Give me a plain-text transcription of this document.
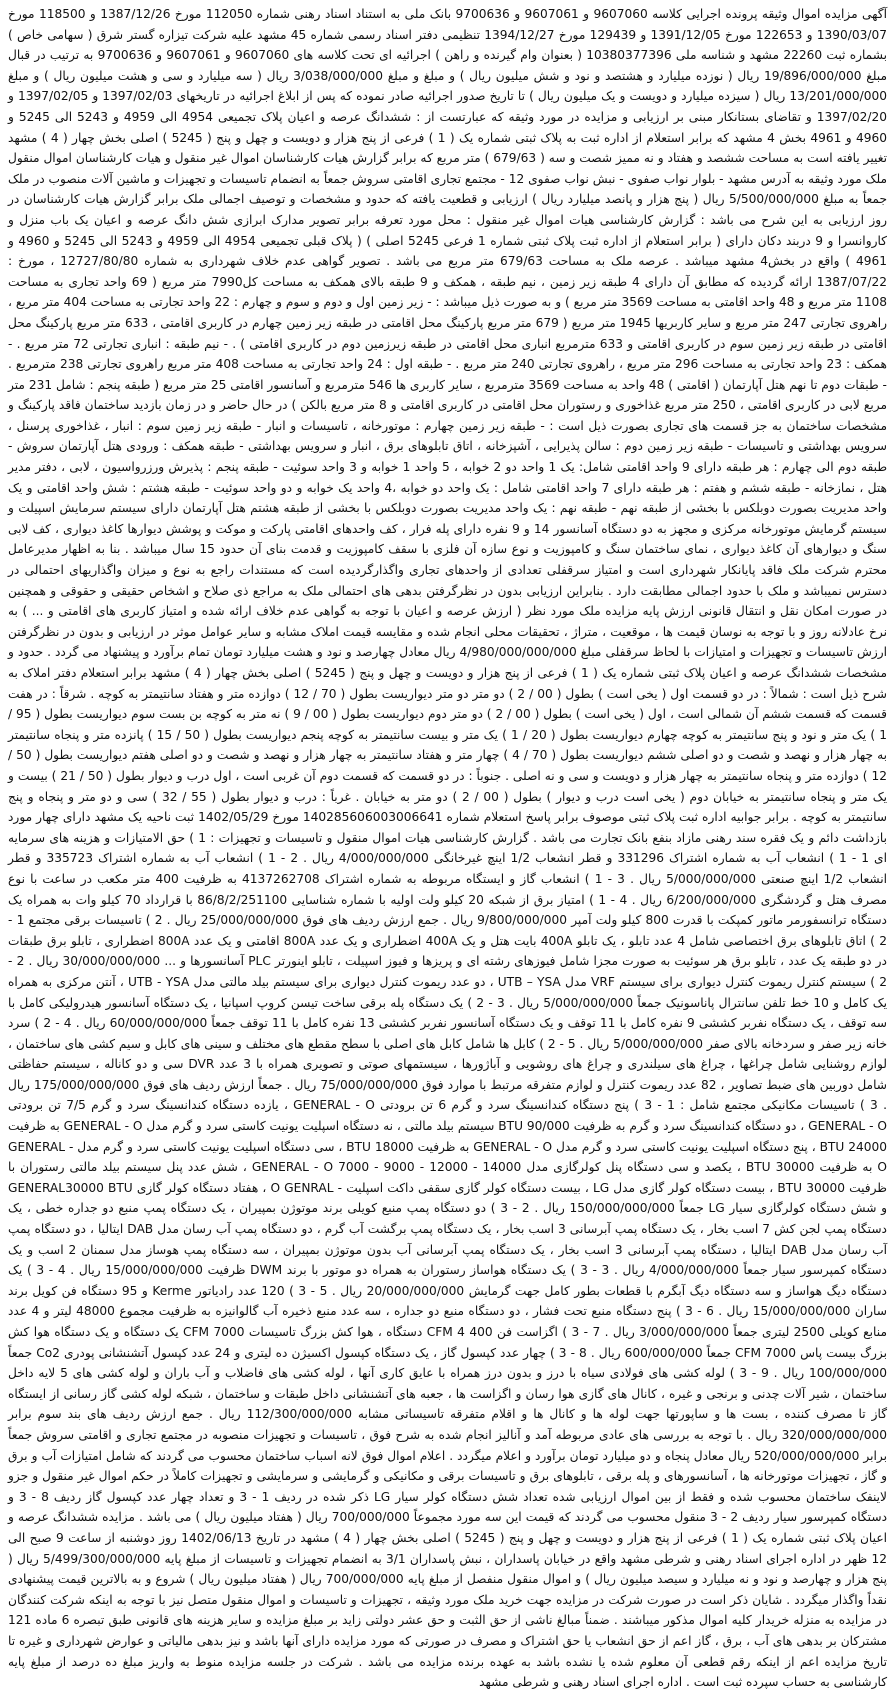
آگهی مزایده اموال وثیقه پرونده اجرایی کلاسه 9607060 و 9607061 و 9700636 بانک ملی به استناد اسناد رهنی شماره 112050 مورخ 1387/12/26 و 118500 مورخ 1390/03/07 و 122653 مورخ 1391/12/05 و 129439 مورخ 1394/12/27 تنظیمی دفتر اسناد رسمی شماره 45 مشهد علیه شرکت تیزاره گستر شرق ( سهامی خاص ) بشماره ثبت 22260 مشهد و شناسه ملی 10380377396 ( بعنوان وام گیرنده و راهن ) اجرائیه ای تحت کلاسه های 9607060 و 9607061 و 9700636 به ترتیب در قبال مبلغ 19/896/000/000 ریال ( نوزده میلیارد و هشتصد و نود و شش میلیون ریال ) و مبلغ و مبلغ 3/038/000/000 ریال ( سه میلیارد و سی و هشت میلیون ریال ) و مبلغ 13/201/000/000 ریال ( سیزده میلیارد و دویست و یک میلیون ریال ) تا تاریخ صدور اجرائیه صادر نموده که پس از ابلاغ اجرائیه در تاریخهای 1397/02/03 و 1397/02/05 و 1397/02/20 و تقاضای بستانکار مبنی بر ارزیابی و مزایده در مورد وثیقه که عبارتست از : ششدانگ عرصه و اعیان پلاک تجمیعی 4954 الی 4959 و 5243 الی 5245 و 4960 و 4961 بخش 4 مشهد که برابر استعلام از اداره ثبت به پلاک ثبتی شماره یک ( 1 ) فرعی از پنج هزار و دویست و چهل و پنج ( 5245 ) اصلی بخش چهار ( 4 ) مشهد تغییر یافته است به مساحت ششصد و هفتاد و نه ممیز شصت و سه ( 679/63 ) متر مربع که برابر گزارش هیات کارشناسان اموال غیر منقول و هیات کارشناسان اموال منقول ملک مورد وثیقه به آدرس مشهد - بلوار نواب صفوی - نبش نواب صفوی 12 - مجتمع تجاری اقامتی سروش جمعاً به انضمام تاسیسات و تجهیزات و ماشین آلات منصوب در ملک جمعاً به مبلغ 5/500/000/000 ریال ( پنج هزار و پانصد میلیارد ریال ) ارزیابی و قطعیت یافته که حدود و مشخصات و توصیف اجمالی ملک برابر گزارش هیات کارشناسان در روز ارزیابی به این شرح می باشد : گزارش کارشناسی هیات اموال غیر منقول : محل مورد تعرفه برابر تصویر مدارک ابرازی شش دانگ عرصه و اعیان یک باب منزل و کاروانسرا و 9 دربند دکان دارای ( برابر استعلام از اداره ثبت پلاک ثبتی شماره 1 فرعی 5245 اصلی ) ( پلاک قبلی تجمیعی 4954 الی 4959 و 5243 الی 5245 و 4960 و 4961 ) واقع در بخش4 مشهد میباشد . عرصه ملک به مساحت 679/63 متر مربع می باشد . تصویر گواهی عدم خلاف شهرداری به شماره 12727/80/80 ، مورخ : 1387/07/22 ارائه گردیده که مطابق آن دارای 4 طبقه زیر زمین ، نیم طبقه ، همکف و 9 طبقه بالای همکف به مساحت کل7990 متر مربع ( 69 واحد تجاری به مساحت 1108 متر مربع و 48 واحد اقامتی به مساحت 3569 متر مربع ) و به صورت ذیل میباشد : - زیر زمین اول و دوم و سوم و چهارم : 22 واحد تجارتی به مساحت 404 متر مربع ، راهروی تجارتی 247 متر مربع و سایر کاربریها 1945 متر مربع ( 679 متر مربع پارکینگ محل اقامتی در طبقه زیر زمین چهارم در کاربری اقامتی ، 633 متر مربع پارکینگ محل اقامتی در طبقه زیر زمین سوم در کاربری اقامتی و 633 مترمربع انباری محل اقامتی در طبقه زیرزمین دوم در کاربری اقامتی ) . - نیم طبقه : انباری تجارتی 72 متر مربع . - همکف : 23 واحد تجارتی به مساحت 296 متر مربع ، راهروی تجارتی 240 متر مربع . - طبقه اول : 24 واحد تجارتی به مساحت 408 متر مربع راهروی تجارتی 238 مترمربع . - طبقات دوم تا نهم هتل آپارتمان ( اقامتی ) 48 واحد به مساحت 3569 مترمربع ، سایر کاربری ها 546 مترمربع و آسانسور اقامتی 25 متر مربع ( طبقه پنجم : شامل 231 متر مربع لابی در کاربری اقامتی ، 250 متر مربع غذاخوری و رستوران محل اقامتی در کاربری اقامتی و 8 متر مربع بالکن ) در حال حاضر و در زمان بازدید ساختمان فاقد پارکینگ و مشخصات ساختمان به جز قسمت های تجاری بصورت ذیل است : - طبقه زیر زمین چهارم : موتورخانه ، تاسیسات و انبار - طبقه زیر زمین سوم : انبار ، غذاخوری پرسنل ، سرویس بهداشتی و تاسیسات - طبقه زیر زمین دوم : سالن پذیرایی ، آشپزخانه ، اتاق تابلوهای برق ، انبار و سرویس بهداشتی - طبقه همکف : ورودی هتل آپارتمان سروش - طبقه دوم الی چهارم : هر طبقه دارای 9 واحد اقامتی شامل: یک 1 واحد دو 2 خوابه ، 5 واحد 1 خوابه و 3 واحد سوئیت - طبقه پنجم : پذیرش ورزرواسیون ، لابی ، دفتر مدیر هتل ، نمازخانه - طبقه ششم و هفتم : هر طبقه دارای 7 واحد اقامتی شامل : یک واحد دو خوابه ،4 واحد یک خوابه و دو واحد سوئیت - طبقه هشتم : شش واحد اقامتی و یک واحد مدیریت بصورت دوبلکس با بخشی از طبقه نهم - طبقه نهم : یک واحد مدیریت بصورت دوبلکس با بخشی از طبقه هشتم هتل آپارتمان دارای سیستم سرمایش اسپیلت و سیستم گرمایش موتورخانه مرکزی و مجهز به دو دستگاه آسانسور 14 و 9 نفره دارای پله فرار ، کف واحدهای اقامتی پارکت و موکت و پوشش دیوارها کاغذ دیواری ، کف لابی سنگ و دیوارهای آن کاغذ دیواری ، نمای ساختمان سنگ و کامپوزیت و نوع سازه آن فلزی با سقف کامپوزیت و قدمت بنای آن حدود 15 سال میباشد . بنا به اظهار مدیرعامل محترم شرکت ملک فاقد پایانکار شهرداری است و امتیاز سرقفلی تعدادی از واحدهای تجاری واگذارگردیده است که مستندات راجع به نوع و میزان واگذاریهای احتمالی در دسترس نمیباشد و ملک با حدود اجمالی مطابقت دارد . بنابراین ارزیابی بدون در نظرگرفتن بدهی های احتمالی ملک به مراجع ذی صلاح و اشخاص حقیقی و حقوقی و همچنین در صورت امکان نقل و انتقال قانونی ارزش پایه مزایده ملک مورد نظر ( ارزش عرصه و اعیان با توجه به گواهی عدم خلاف ارائه شده و امتیاز کاربری های اقامتی و ... ) به نرخ عادلانه روز و با توجه به نوسان قیمت ها ، موقعیت ، متراژ ، تحقیقات محلی انجام شده و مقایسه قیمت املاک مشابه و سایر عوامل موثر در ارزیابی و بدون در نظرگرفتن ارزش تاسیسات و تجهیزات و امتیازات با لحاظ سرقفلی مبلغ 4/980/000/000/000 ریال معادل چهارصد و نود و هشت میلیارد تومان تمام برآورد و پیشنهاد می گردد . حدود و مشخصات ششدانگ عرصه و اعیان پلاک ثبتی شماره یک ( 1 ) فرعی از پنج هزار و دویست و چهل و پنج ( 5245 ) اصلی بخش چهار ( 4 ) مشهد برابر استعلام دفتر املاک به شرح ذیل است : شمالاً : در دو قسمت اول ( یخی است ) بطول ( 00 / 2 ) دو متر دو متر دیواریست بطول ( 70 / 12 ) دوازده متر و هفتاد سانتیمتر به کوچه . شرقاً : در هفت قسمت که قسمت ششم آن شمالی است ، اول ( یخی است ) بطول ( 00 / 2 ) دو متر دوم دیواریست بطول ( 00 / 9 ) نه متر به کوچه بن بست سوم دیواریست بطول ( 95 / 1 ) یک متر و نود و پنج سانتیمتر به کوچه چهارم دیواریست بطول ( 20 / 1 ) یک متر و بیست سانتیمتر به کوچه پنجم دیواریست بطول ( 50 / 15 ) پانزده متر و پنجاه سانتیمتر به چهار هزار و نهصد و شصت و دو اصلی ششم دیواریست بطول ( 70 / 4 ) چهار متر و هفتاد سانتیمتر به چهار هزار و نهصد و شصت و دو اصلی هفتم دیواریست بطول ( 50 / 12 ) دوازده متر و پنجاه سانتیمتر به چهار هزار و دویست و سی و نه اصلی . جنوباً : در دو قسمت که قسمت دوم آن غربی است ، اول درب و دیوار بطول ( 50 / 21 ) بیست و یک متر و پنجاه سانتیمتر به خیابان دوم ( یخی است درب و دیوار ) بطول ( 00 / 2 ) دو متر به خیابان . غرباً : درب و دیوار بطول ( 55 / 32 ) سی و دو متر و پنجاه و پنج سانتیمتر به کوچه . برابر جوابیه اداره ثبت پلاک ثبتی موصوف برابر پاسخ استعلام شماره 140285606003006641 مورخ 1402/05/29 ثبت ناحیه یک مشهد دارای چهار مورد بازداشت دائم و یک فقره سند رهنی مازاد بنفع بانک تجارت می باشد . گزارش کارشناسی هیات اموال منقول و تاسیسات و تجهیزات : 1 ) حق الامتیازات و هزینه های سرمایه ای 1 - 1 ) انشعاب آب به شماره اشتراک 331296 و قطر انشعاب 1/2 اینچ غیرخانگی 4/000/000/000 ریال . 2 - 1 ) انشعاب آب به شماره اشتراک 335723 و قطر انشعاب 1/2 اینچ صنعتی 5/000/000/000 ریال . 3 - 1 ) انشعاب گاز و ایستگاه مربوطه به شماره اشتراک 4137262708 به ظرفیت 400 متر مکعب در ساعت با نوع مصرف هتل و گردشگری 6/200/000/000 ریال . 4 - 1 ) امتیاز برق از شبکه 20 کیلو ولت اولیه با شماره شناسایی 86/8/2/251100 با قرارداد 70 کیلو وات به همراه یک دستگاه ترانسفورمر ماتور کمپکت با قدرت 800 کیلو ولت آمپر 9/800/000/000 ریال . جمع ارزش ردیف های فوق 25/000/000/000 ریال . 2 ) تاسیسات برقی مجتمع 1 - 2 ) اتاق تابلوهای برق اختصاصی شامل 4 عدد تابلو ، یک تابلو 400A بایت هتل و یک 400A اضطراری و یک عدد 800A اقامتی و یک عدد 800A اضطراری ، تابلو برق طبقات در دو طبقه یک عدد ، تابلو برق هر سوئیت به صورت مجزا شامل فیوزهای رشته ای و پریزها و فیوز اسپیلت ، تابلو اینورتر PLC آسانسورها و ... 30/000/000/000 ریال . 2 - 2 ) سیستم کنترل ریموت کنترل دیواری برای سیستم VRF مدل UTB – YSA ، دو عدد ریموت کنترل دیواری برای سیستم بیلد مالتی مدل UTB - YSA ، آنتن مرکزی به همراه یک کامل و 10 خط تلفن سانترال پاناسونیک جمعاً 5/000/000/000 ریال . 3 - 2 ) یک دستگاه پله برقی ساخت تیسن کروپ اسپانیا ، یک دستگاه آسانسور هیدرولیکی کامل با سه توقف ، یک دستگاه نفربر کششی 9 نفره کامل با 11 توقف و یک دستگاه آسانسور نفربر کششی 13 نفره کامل با 11 توقف جمعاً 60/000/000/000 ریال . 4 - 2 ) سرد خانه زیر صفر و سردخانه بالای صفر 5/000/000/000 ریال . 5 - 2 ) کابل ها شامل کابل های اصلی با سطح مقطع های مختلف و سینی های کابل و سیم کشی های ساختمان ، لوازم روشنایی شامل چراغها ، چراغ های سیلندری و چراغ های روشویی و آباژورها ، سیستمهای صوتی و تصویری همراه با 3 عدد DVR سی و دو کاناله ، سیستم حفاظتی شامل دوربین های ضبط تصاویر ، 82 عدد ریموت کنترل و لوازم متفرقه مرتبط با موارد فوق 75/000/000/000 ریال . جمعاً ارزش ردیف های فوق 175/000/000/000 ریال . 3 ) تاسیسات مکانیکی مجتمع شامل : 1 - 3 ) پنج دستگاه کندانسینگ سرد و گرم 6 تن برودتی GENERAL - O ، یازده دستگاه کندانسینگ سرد و گرم 7/5 تن برودتی GENERAL - O ، دو دستگاه کندانسینگ سرد و گرم به ظرفیت 90/000 BTU سیستم بیلد مالتی ، نه دستگاه اسپلیت یونیت کاستی سرد و گرم مدل GENERAL - O به ظرفیت 24000 BTU ، پنج دستگاه اسپلیت یونیت کاستی سرد و گرم مدل GENERAL - O به ظرفیت 18000 BTU ، سی دستگاه اسپلیت یونیت کاستی سرد و گرم مدل GENERAL - O به ظرفیت 30000 BTU ، یکصد و سی دستگاه پنل کولرگازی مدل 14000 - 12000 - 9000 - 7000 GENERAL - O ، شش عدد پنل سیستم بیلد مالتی رستوران با ظرفیت 30000 BTU ، بیست دستگاه کولر گازی مدل LG ، بیست دستگاه کولر گازی سقفی داکت اسپلیت - O GENRAL ، هفتاد دستگاه کولر گازی GENERAL30000 BTU و شش دستگاه کولرگازی سیار LG جمعاً 150/000/000/000 ریال . 2 - 3 ) دو دستگاه پمپ منبع کویلی برند موتوژن بمپیران ، یک دستگاه پمپ منبع دو جداره خطی ، یک دستگاه پمپ لجن کش 7 اسب بخار ، یک دستگاه پمپ آبرسانی 3 اسب بخار ، یک دستگاه پمپ برگشت آب گرم ، دو دستگاه پمپ آب رسان مدل DAB ایتالیا ، دو دستگاه پمپ آب رسان مدل DAB ایتالیا ، دستگاه پمپ آبرسانی 3 اسب بخار ، یک دستگاه پمپ آبرسانی آب بدون موتوژن بمپیران ، سه دستگاه پمپ هوساز مدل سمنان 2 اسب و یک دستگاه کمپرسور سیار جمعاً 4/000/000/000 ریال . 3 - 3 ) یک دستگاه هواساز رستوران به همراه دو موتور با برند DWM ظرفیت 15/000/000/000 ریال . 4 - 3 ) یک دستگاه دیگ هواساز و سه دستگاه دیگ آبگرم با قطعات بطور کامل جهت گرمایش 20/000/000/000 ریال . 5 - 3 ) 120 عدد رادیاتور Kerme و 95 دستگاه فن کویل برند ساران 15/000/000/000 ریال . 6 - 3 ) پنج دستگاه منبع تحت فشار ، دو دستگاه منبع دو جداره ، سه عدد منبع ذخیره آب گالوانیزه به ظرفیت مجموع 48000 لیتر و 4 عدد منابع کویلی 2500 لیتری جمعاً 3/000/000/000 ریال . 7 - 3 ) اگزاست فن 400 CFM 4 دستگاه ، هوا کش بزرگ تاسیسات 7000 CFM یک دستگاه و یک دستگاه هوا کش بزرگ بیست پاس 7000 CFM جمعاً 600/000/000 ریال . 8 - 3 ) چهار عدد کپسول گاز ، یک دستگاه کپسول اکسیژن ده لیتری و 24 عدد کپسول آتشنشانی پودری Co2 جمعاً 100/000/000 ریال . 9 - 3 ) لوله کشی های فولادی سیاه با درز و بدون درز همراه با عایق کاری آنها ، لوله کشی های فاضلاب و آب باران و لوله کشی های 5 لایه داخل ساختمان ، شیر آلات چدنی و برنجی و غیره ، کانال های گازی هوا رسان و اگزاست ها ، جعبه های آتشنشانی داخل طبقات و ساختمان ، شبکه لوله کشی گاز رسانی از ایستگاه گاز تا مصرف کننده ، بست ها و ساپورتها جهت لوله ها و کانال ها و اقلام متفرقه تاسیساتی مشابه 112/300/000/000 ریال . جمع ارزش ردیف های بند سوم برابر 320/000/000/000 ریال . با توجه به بررسی های عادی مربوطه آمد و آنالیز انجام شده به شرح فوق ، تاسیسات و تجهیزات منصوبه در مجتمع تجاری و اقامتی سروش جمعاً برابر 520/000/000/000 ریال معادل پنجاه و دو میلیارد تومان برآورد و اعلام میگردد . اعلام اموال فوق لانه اسباب ساختمان محسوب می گردند که شامل امتیازات آب و برق و گاز ، تجهیزات موتورخانه ها ، آسانسورهای و پله برقی ، تابلوهای برق و تاسیسات برقی و مکانیکی و گرمایشی و سرمایشی و تجهیزات کاملاً در حکم اموال غیر منقول و جزو لاینفک ساختمان محسوب شده و فقط از بین اموال ارزیابی شده تعداد شش دستگاه کولر سیار LG ذکر شده در ردیف 1 - 3 و تعداد چهار عدد کپسول گاز ردیف 8 - 3 و دستگاه کمپرسور سیار ردیف 2 - 3 منقول محسوب می گردند که قیمت این سه مورد مجموعاً 700/000/000 ریال ( هفتاد میلیون ریال ) می باشد . مزایده ششدانگ عرصه و اعیان پلاک ثبتی شماره یک ( 1 ) فرعی از پنج هزار و دویست و چهل و پنج ( 5245 ) اصلی بخش چهار ( 4 ) مشهد در تاریخ 1402/06/13 روز دوشنبه از ساعت 9 صبح الی 12 ظهر در اداره اجرای اسناد رهنی و شرطی مشهد واقع در خیابان پاسداران ، نبش پاسداران 3/1 به انضمام تجهیزات و تاسیسات از مبلغ پایه 5/499/300/000/000 ریال ( پنج هزار و چهارصد و نود و نه میلیارد و سیصد میلیون ریال ) و اموال منقول منفصل از مبلغ پایه 700/000/000 ریال ( هفتاد میلیون ریال ) شروع و به بالاترین قیمت پیشنهادی نقداً واگذار میگردد . شایان ذکر است در صورت شرکت در مزایده جهت خرید ملک مورد وثیقه ، تجهیزات و تاسیسات و اموال منقول متصل نیز با توجه به اینکه شرکت کنندگان در مزایده به منزله خریدار کلیه اموال مذکور میباشند . ضمناً مبالغ ناشی از حق الثبت و حق عشر دولتی زاید بر مبلغ مزایده و سایر هزینه های قانونی طبق تبصره 6 ماده 121 مشترکان بر بدهی های آب ، برق ، گاز اعم از حق انشعاب یا حق اشتراک و مصرف در صورتی که مورد مزایده دارای آنها باشد و نیز بدهی مالیاتی و عوارض شهرداری و غیره تا تاریخ مزایده اعم از اینکه رقم قطعی آن معلوم شده یا نشده باشد به عهده برنده مزایده می باشد . شرکت در جلسه مزایده منوط به واریز مبلغ ده درصد از مبلغ پایه کارشناسی به حساب سپرده ثبت است . اداره اجرای اسناد رهنی و شرطی مشهد
